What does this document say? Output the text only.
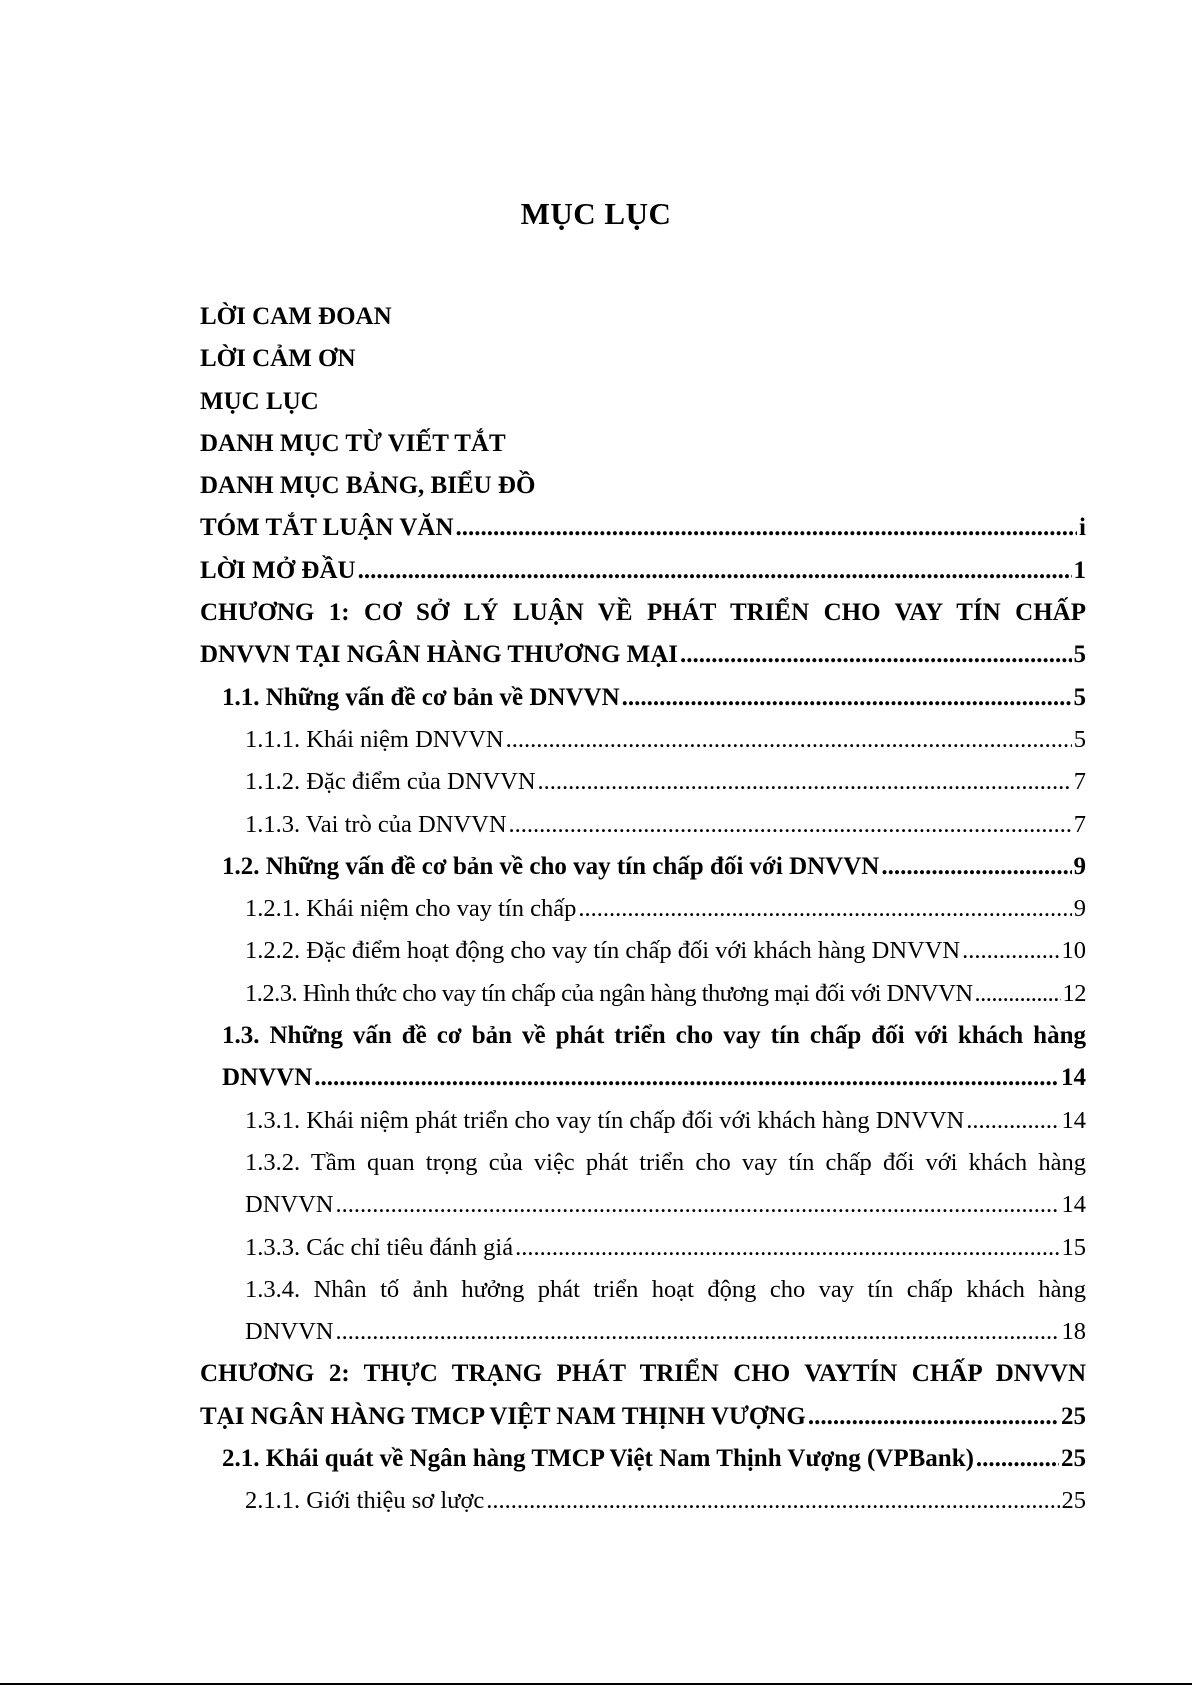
MỤC LỤC
LỜI CAM ĐOAN
LỜI CẢM ƠN
MỤC LỤC
DANH MỤC TỪ VIẾT TẮT
DANH MỤC BẢNG, BIỂU ĐỒ
TÓM TẮT LUẬN VĂN .....	i
LỜI MỞ ĐẦU .....	1
CHƯƠNG 1: CƠ SỞ LÝ LUẬN VỀ PHÁT TRIỂN CHO VAY TÍN CHẤP
DNVVN TẠI NGÂN HÀNG THƯƠNG MẠI .....	5
1.1. Những vấn đề cơ bản về DNVVN .....	5
1.1.1. Khái niệm DNVVN .....	5
1.1.2. Đặc điểm của DNVVN .....	7
1.1.3. Vai trò của DNVVN .....	7
1.2. Những vấn đề cơ bản về cho vay tín chấp đối với DNVVN .....	9
1.2.1. Khái niệm cho vay tín chấp .....	9
1.2.2. Đặc điểm hoạt động cho vay tín chấp đối với khách hàng DNVVN .....	10
1.2.3. Hình thức cho vay tín chấp của ngân hàng thương mại đối với DNVVN .....	12
1.3. Những vấn đề cơ bản về phát triển cho vay tín chấp đối với khách hàng
DNVVN .....	14
1.3.1. Khái niệm phát triển cho vay tín chấp đối với khách hàng DNVVN .....	14
1.3.2. Tầm quan trọng của việc phát triển cho vay tín chấp đối với khách hàng
DNVVN .....	14
1.3.3. Các chỉ tiêu đánh giá .....	15
1.3.4. Nhân tố ảnh hưởng phát triển hoạt động cho vay tín chấp khách hàng
DNVVN .....	18
CHƯƠNG 2: THỰC TRẠNG PHÁT TRIỂN CHO VAYTÍN CHẤP DNVVN
TẠI NGÂN HÀNG TMCP VIỆT NAM THỊNH VƯỢNG .....	25
2.1. Khái quát về Ngân hàng TMCP Việt Nam Thịnh Vượng (VPBank) .....	25
2.1.1. Giới thiệu sơ lược .....	25
